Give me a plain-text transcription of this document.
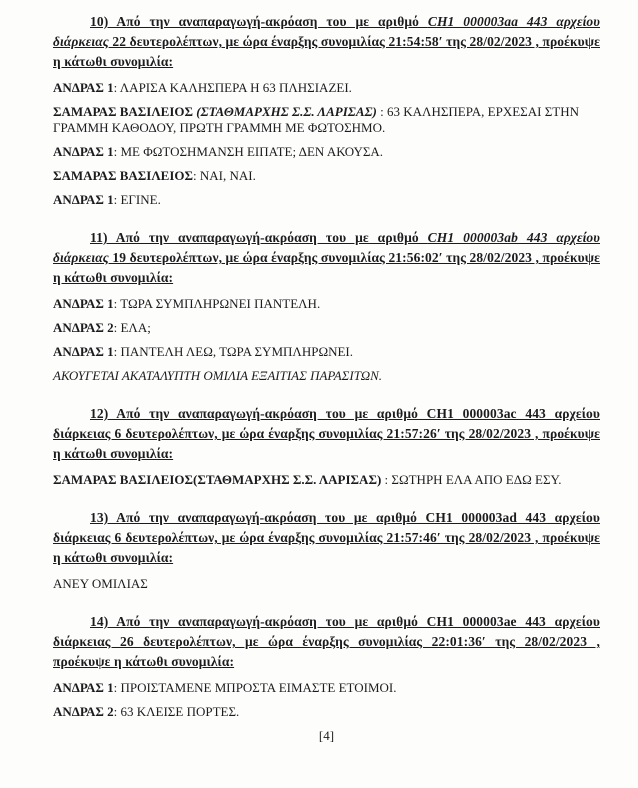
10) Από την αναπαραγωγή-ακρόαση του με αριθμό CH1 000003aa 443 αρχείου διάρκειας 22 δευτερολέπτων, με ώρα έναρξης συνομιλίας 21:54:58′ της 28/02/2023 , προέκυψε η κάτωθι συνομιλία:

ΑΝΔΡΑΣ 1: ΛΑΡΙΣΑ ΚΑΛΗΣΠΕΡΑ Η 63 ΠΛΗΣΙΑΖΕΙ.

ΣΑΜΑΡΑΣ ΒΑΣΙΛΕΙΟΣ (ΣΤΑΘΜΑΡΧΗΣ Σ.Σ. ΛΑΡΙΣΑΣ) : 63 ΚΑΛΗΣΠΕΡΑ, ΕΡΧΕΣΑΙ ΣΤΗΝ ΓΡΑΜΜΗ ΚΑΘΟΔΟΥ, ΠΡΩΤΗ ΓΡΑΜΜΗ ΜΕ ΦΩΤΟΣΗΜΟ.

ΑΝΔΡΑΣ 1: ΜΕ ΦΩΤΟΣΗΜΑΝΣΗ ΕΙΠΑΤΕ; ΔΕΝ ΑΚΟΥΣΑ.

ΣΑΜΑΡΑΣ ΒΑΣΙΛΕΙΟΣ: ΝΑΙ, ΝΑΙ.

ΑΝΔΡΑΣ 1: ΕΓΙΝΕ.

11) Από την αναπαραγωγή-ακρόαση του με αριθμό CH1 000003ab 443 αρχείου διάρκειας 19 δευτερολέπτων, με ώρα έναρξης συνομιλίας 21:56:02′ της 28/02/2023 , προέκυψε η κάτωθι συνομιλία:

ΑΝΔΡΑΣ 1: ΤΩΡΑ ΣΥΜΠΛΗΡΩΝΕΙ ΠΑΝΤΕΛΗ.

ΑΝΔΡΑΣ 2: ΕΛΑ;

ΑΝΔΡΑΣ 1: ΠΑΝΤΕΛΗ ΛΕΩ, ΤΩΡΑ ΣΥΜΠΛΗΡΩΝΕΙ.

ΑΚΟΥΓΕΤΑΙ ΑΚΑΤΑΛΥΠΤΗ ΟΜΙΛΙΑ ΕΞΑΙΤΙΑΣ ΠΑΡΑΣΙΤΩΝ.

12) Από την αναπαραγωγή-ακρόαση του με αριθμό CH1 000003ac 443 αρχείου διάρκειας 6 δευτερολέπτων, με ώρα έναρξης συνομιλίας 21:57:26′ της 28/02/2023 , προέκυψε η κάτωθι συνομιλία:

ΣΑΜΑΡΑΣ ΒΑΣΙΛΕΙΟΣ(ΣΤΑΘΜΑΡΧΗΣ Σ.Σ. ΛΑΡΙΣΑΣ) : ΣΩΤΗΡΗ ΕΛΑ ΑΠΟ ΕΔΩ ΕΣΥ.

13) Από την αναπαραγωγή-ακρόαση του με αριθμό CH1 000003ad 443 αρχείου διάρκειας 6 δευτερολέπτων, με ώρα έναρξης συνομιλίας 21:57:46′ της 28/02/2023 , προέκυψε η κάτωθι συνομιλία:

ΑΝΕΥ ΟΜΙΛΙΑΣ

14) Από την αναπαραγωγή-ακρόαση του με αριθμό CH1 000003ae 443 αρχείου διάρκειας 26 δευτερολέπτων, με ώρα έναρξης συνομιλίας 22:01:36′ της 28/02/2023 , προέκυψε η κάτωθι συνομιλία:

ΑΝΔΡΑΣ 1: ΠΡΟΙΣΤΑΜΕΝΕ ΜΠΡΟΣΤΑ ΕΙΜΑΣΤΕ ΕΤΟΙΜΟΙ.

ΑΝΔΡΑΣ 2: 63 ΚΛΕΙΣΕ ΠΟΡΤΕΣ.

[4]
